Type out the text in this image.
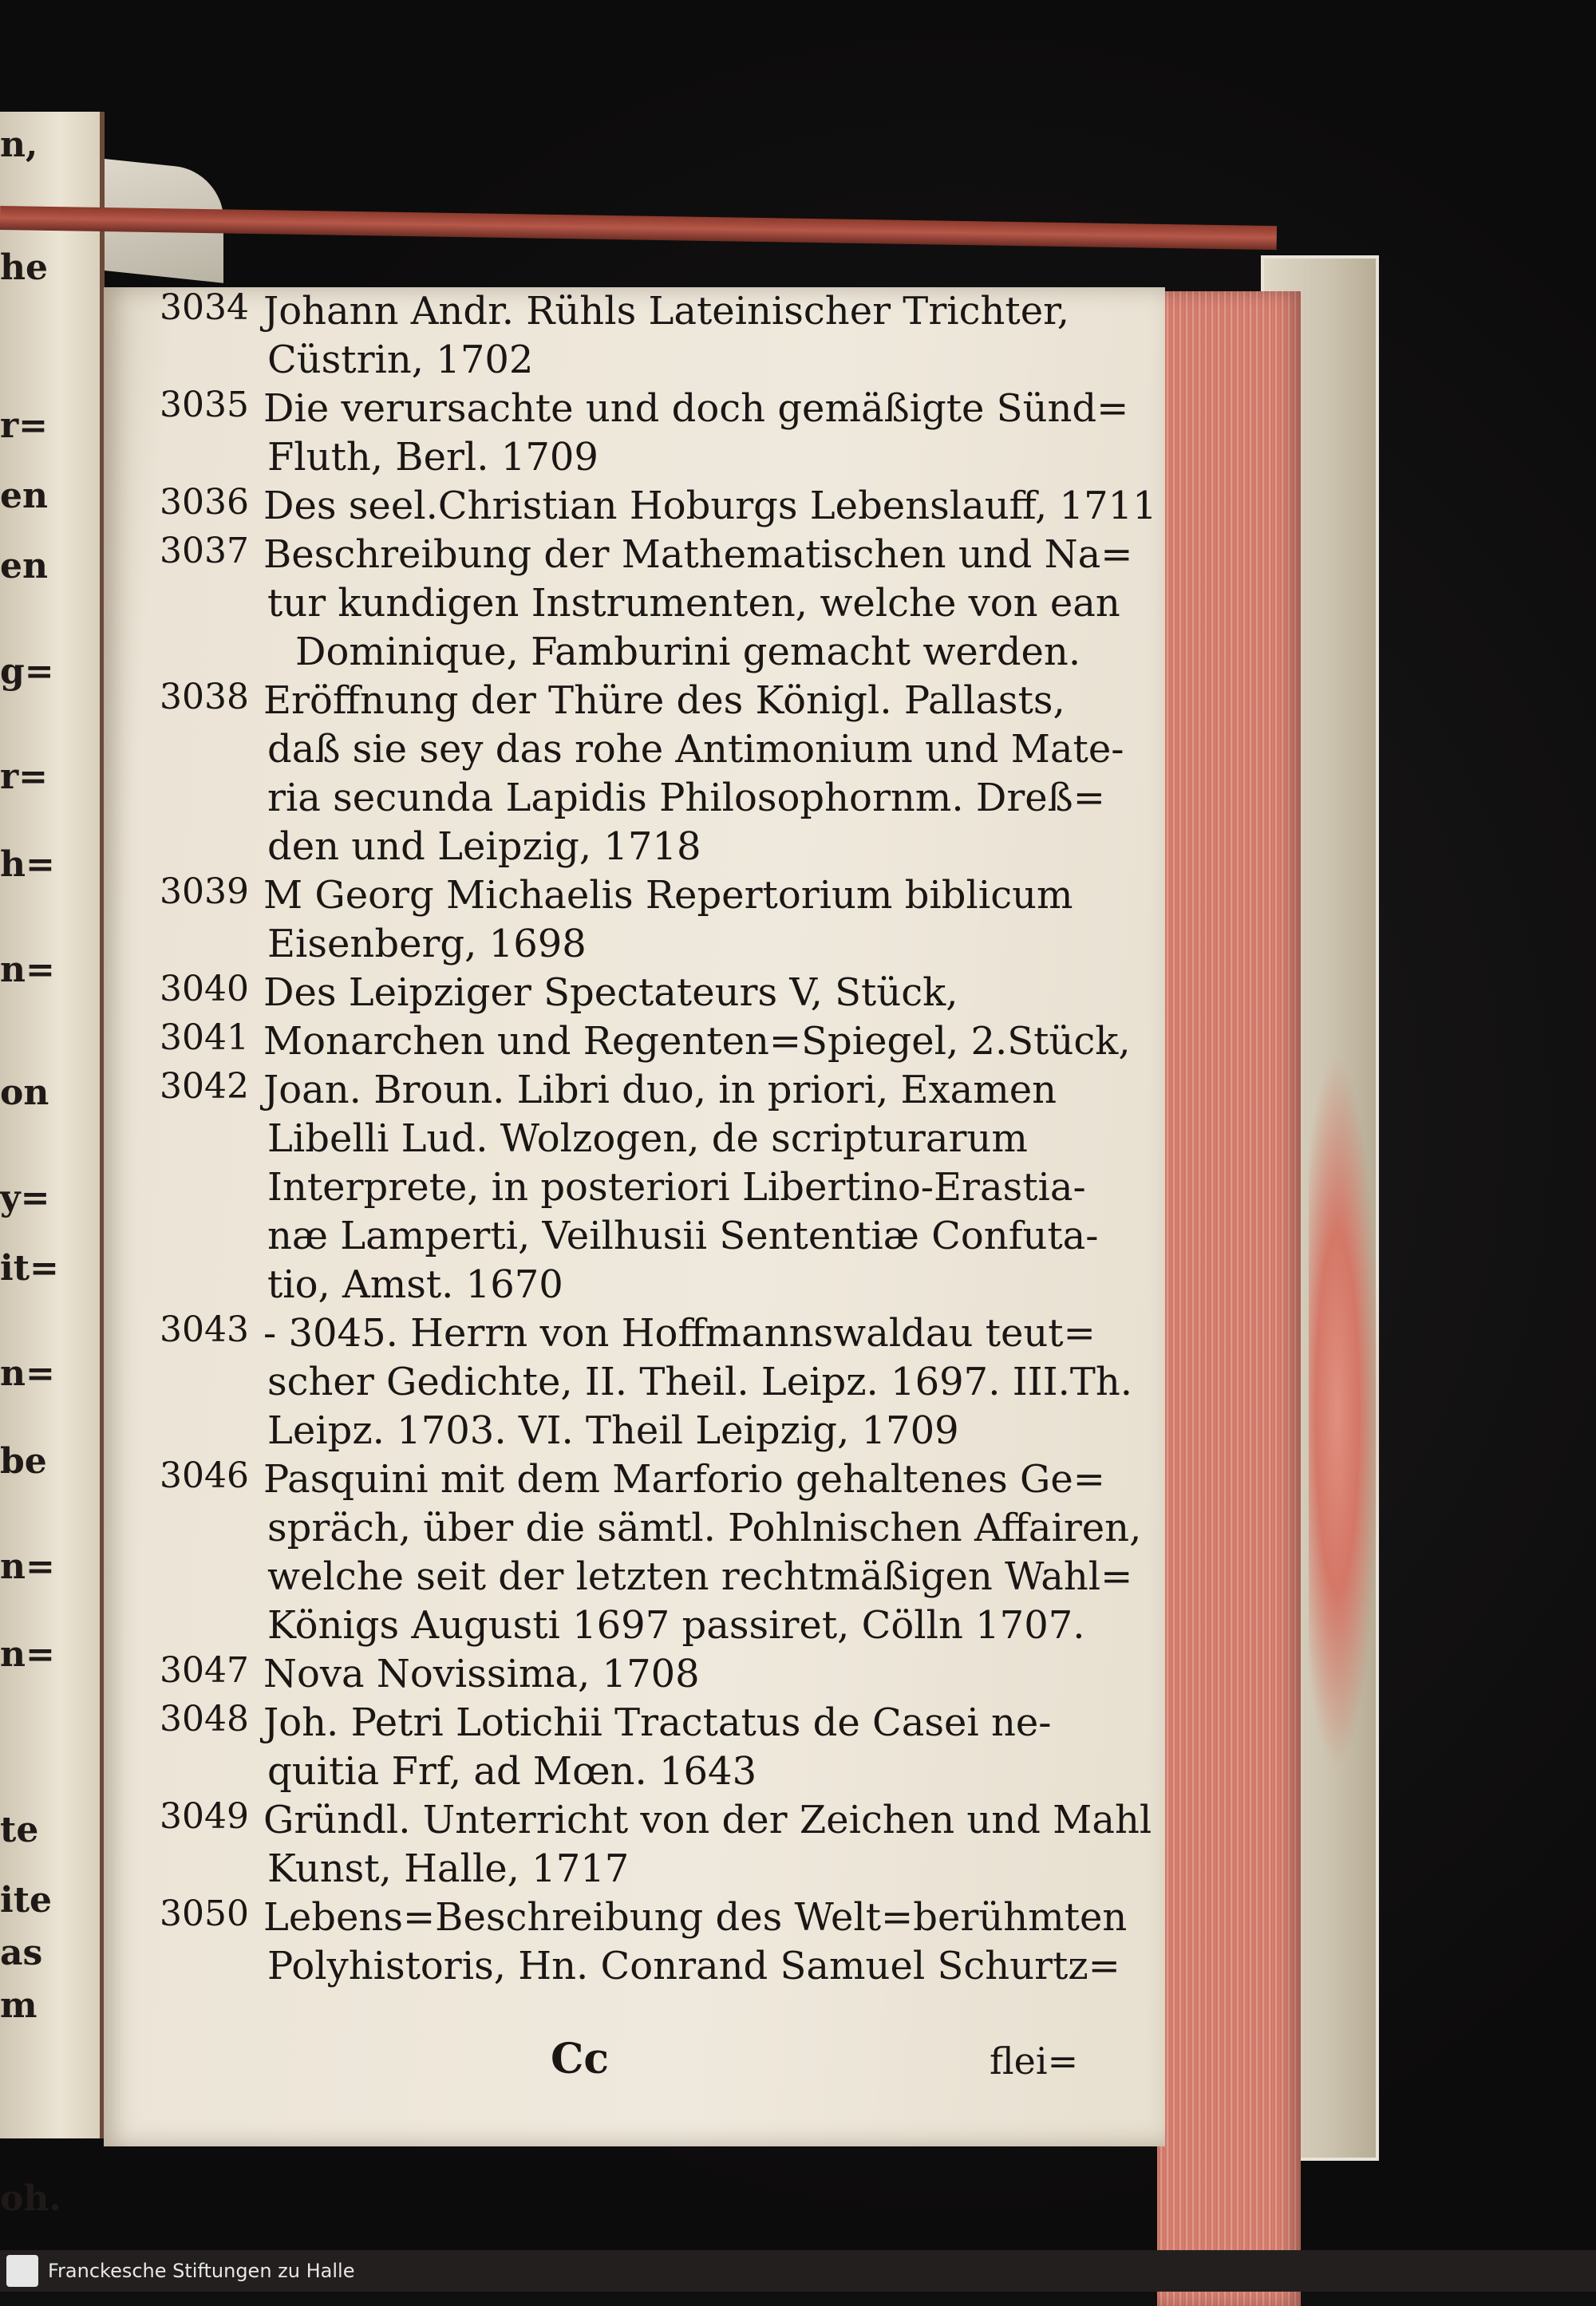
n,
he
r=
en
en
g=
r=
h=
n=
on
y=
it=
n=
be
n=
n=
te
ite
as
m
oh.
3034 Johann Andr. Rühls Lateinischer Trichter,
Cüstrin, 1702
3035 Die verursachte und doch gemäßigte Sünd=
Fluth, Berl. 1709
3036 Des seel.Christian Hoburgs Lebenslauff, 1711
3037 Beschreibung der Mathematischen und Na=
tur kundigen Instrumenten, welche von ean
Dominique, Famburini gemacht werden.
3038 Eröffnung der Thüre des Königl. Pallasts,
daß sie sey das rohe Antimonium und Mate-
ria secunda Lapidis Philosophornm. Dreß=
den und Leipzig, 1718
3039 M Georg Michaelis Repertorium biblicum
Eisenberg, 1698
3040 Des Leipziger Spectateurs V, Stück,
3041 Monarchen und Regenten=Spiegel, 2.Stück,
3042 Joan. Broun. Libri duo, in priori, Examen
Libelli Lud. Wolzogen, de scripturarum
Interprete, in posteriori Libertino-Erastia-
næ Lamperti, Veilhusii Sententiæ Confuta-
tio, Amst. 1670
3043 - 3045. Herrn von Hoffmannswaldau teut=
scher Gedichte, II. Theil. Leipz. 1697. III.Th.
Leipz. 1703. VI. Theil Leipzig, 1709
3046 Pasquini mit dem Marforio gehaltenes Ge=
spräch, über die sämtl. Pohlnischen Affairen,
welche seit der letzten rechtmäßigen Wahl=
Königs Augusti 1697 passiret, Cölln 1707.
3047 Nova Novissima, 1708
3048 Joh. Petri Lotichii Tractatus de Casei ne-
quitia Frf, ad Mœn. 1643
3049 Gründl. Unterricht von der Zeichen und Mahl
Kunst, Halle, 1717
3050 Lebens=Beschreibung des Welt=berühmten
Polyhistoris, Hn. Conrand Samuel Schurtz=
Cc	flei=
Franckesche Stiftungen zu Halle
